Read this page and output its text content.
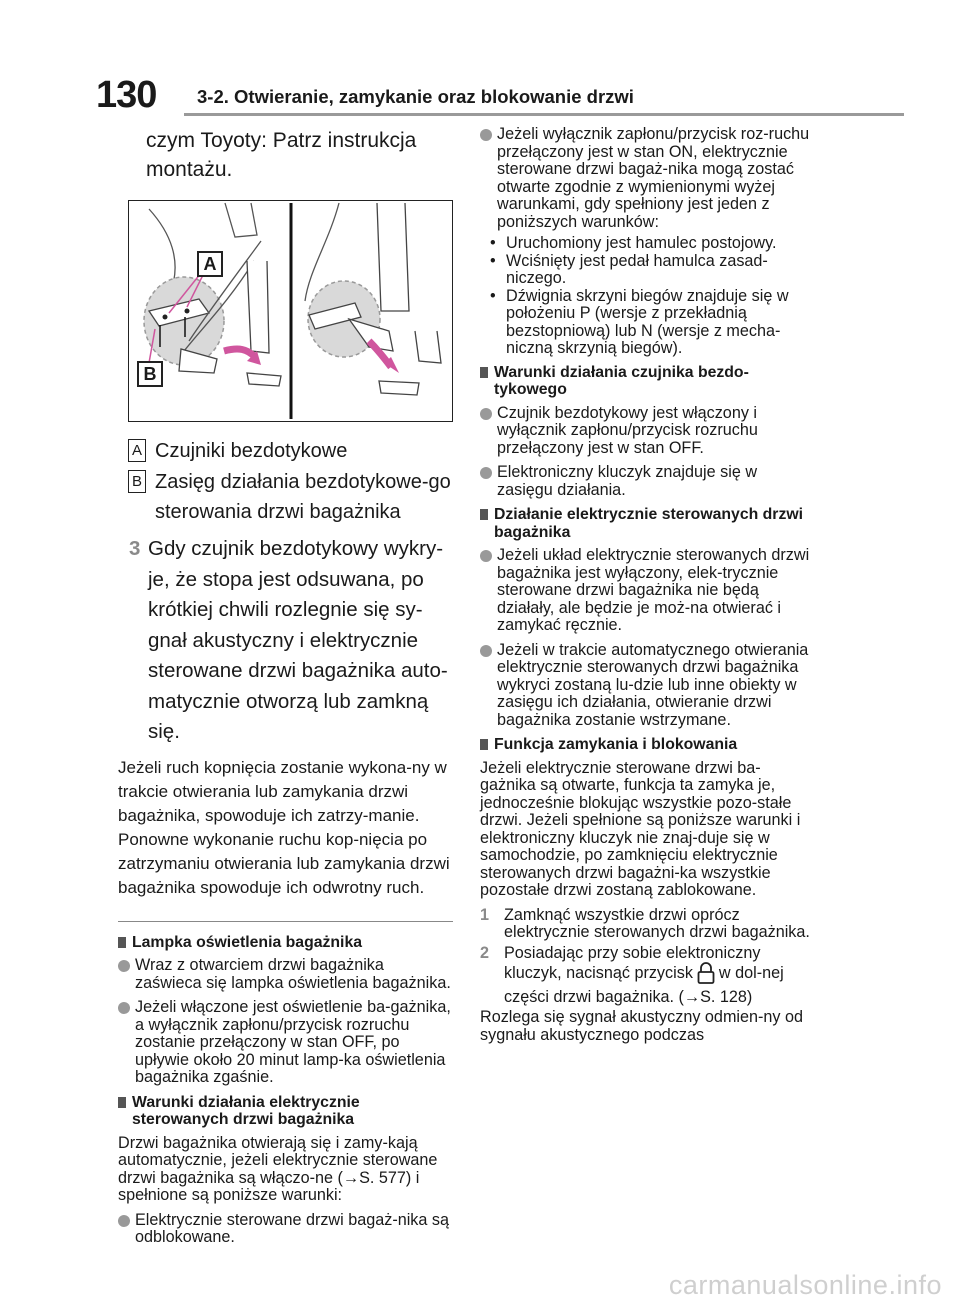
130 3-2. Otwieranie, zamykanie oraz blokowanie drzwi

czym Toyoty: Patrz instrukcja montażu.

A
B
A Czujniki bezdotykowe
B Zasięg działania bezdotykowe-go sterowania drzwi bagażnika
3 Gdy czujnik bezdotykowy wykry-je, że stopa jest odsuwana, po krótkiej chwili rozlegnie się sy-gnał akustyczny i elektrycznie sterowane drzwi bagażnika auto-matycznie otworzą lub zamkną się.

Jeżeli ruch kopnięcia zostanie wykona-ny w trakcie otwierania lub zamykania drzwi bagażnika, spowoduje ich zatrzy-manie. Ponowne wykonanie ruchu kop-nięcia po zatrzymaniu otwierania lub zamykania drzwi bagażnika spowoduje ich odwrotny ruch.

Lampka oświetlenia bagażnika
Wraz z otwarciem drzwi bagażnika zaświeca się lampka oświetlenia bagażnika.
Jeżeli włączone jest oświetlenie ba-gażnika, a wyłącznik zapłonu/przycisk rozruchu zostanie przełączony w stan OFF, po upływie około 20 minut lamp-ka oświetlenia bagażnika zgaśnie.
Warunki działania elektrycznie sterowanych drzwi bagażnika

Drzwi bagażnika otwierają się i zamy-kają automatycznie, jeżeli elektrycznie sterowane drzwi bagażnika są włączo-ne (→S. 577) i spełnione są poniższe warunki:

Elektrycznie sterowane drzwi bagaż-nika są odblokowane.
Jeżeli wyłącznik zapłonu/przycisk roz-ruchu przełączony jest w stan ON, elektrycznie sterowane drzwi bagaż-nika mogą zostać otwarte zgodnie z wymienionymi wyżej warunkami, gdy spełniony jest jeden z poniższych warunków:
• Uruchomiony jest hamulec postojowy.
• Wciśnięty jest pedał hamulca zasad-niczego.
• Dźwignia skrzyni biegów znajduje się w położeniu P (wersje z przekładnią bezstopniową) lub N (wersje z mecha-niczną skrzynią biegów).
Warunki działania czujnika bezdo-tykowego
Czujnik bezdotykowy jest włączony i wyłącznik zapłonu/przycisk rozruchu przełączony jest w stan OFF.
Elektroniczny kluczyk znajduje się w zasięgu działania.
Działanie elektrycznie sterowanych drzwi bagażnika
Jeżeli układ elektrycznie sterowanych drzwi bagażnika jest wyłączony, elek-trycznie sterowane drzwi bagażnika nie będą działały, ale będzie je moż-na otwierać i zamykać ręcznie.
Jeżeli w trakcie automatycznego otwierania elektrycznie sterowanych drzwi bagażnika wykryci zostaną lu-dzie lub inne obiekty w zasięgu ich działania, otwieranie drzwi bagażnika zostanie wstrzymane.
Funkcja zamykania i blokowania

Jeżeli elektrycznie sterowane drzwi ba-gażnika są otwarte, funkcja ta zamyka je, jednocześnie blokując wszystkie pozo-stałe drzwi. Jeżeli spełnione są poniższe warunki i elektroniczny kluczyk nie znaj-duje się w samochodzie, po zamknięciu elektrycznie sterowanych drzwi bagażni-ka wszystkie pozostałe drzwi zostaną zablokowane.

1 Zamknąć wszystkie drzwi oprócz elektrycznie sterowanych drzwi bagażnika.
2 Posiadając przy sobie elektroniczny kluczyk, nacisnąć przycisk w dol-nej części drzwi bagażnika. (→S. 128)

Rozlega się sygnał akustyczny odmien-ny od sygnału akustycznego podczas

carmanualsonline.info
